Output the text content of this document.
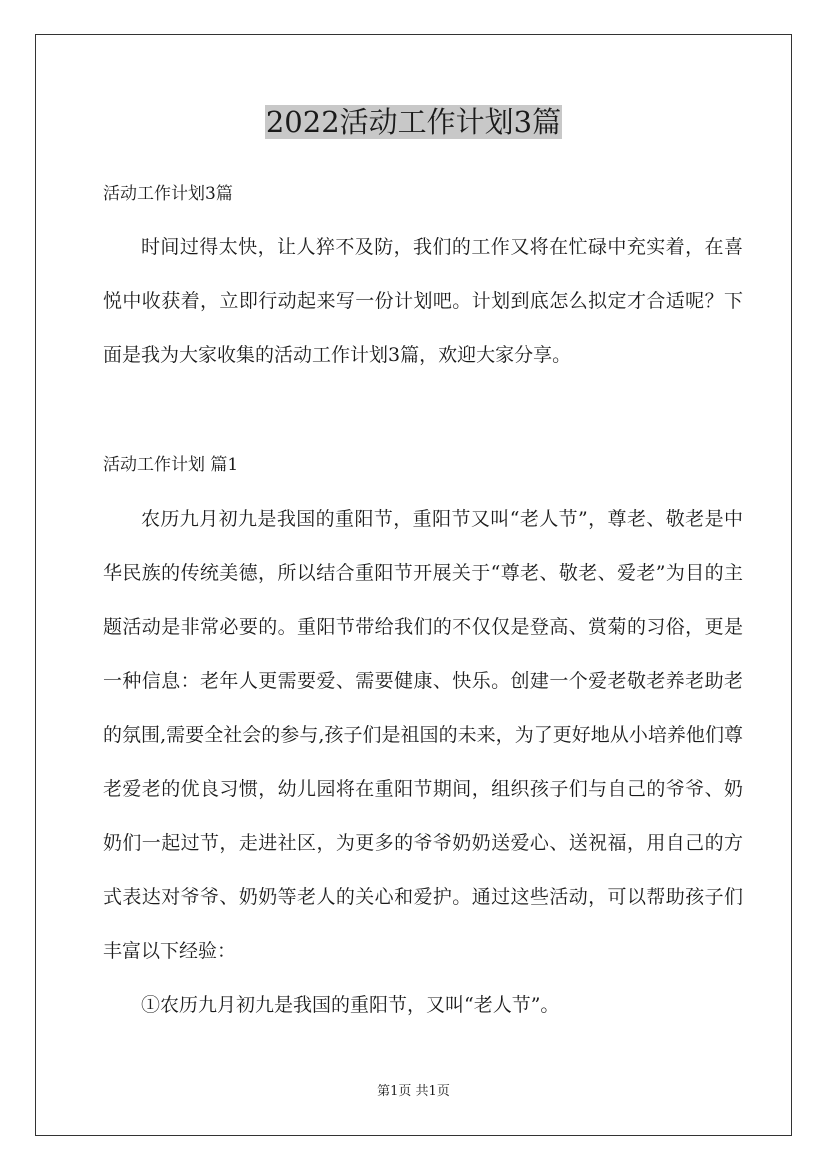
2022活动工作计划3篇
活动工作计划3篇

时间过得太快，让人猝不及防，我们的工作又将在忙碌中充实着，在喜悦中收获着，立即行动起来写一份计划吧。计划到底怎么拟定才合适呢？下面是我为大家收集的活动工作计划3篇，欢迎大家分享。

活动工作计划 篇1

农历九月初九是我国的重阳节，重阳节又叫“老人节”，尊老、敬老是中华民族的传统美德，所以结合重阳节开展关于“尊老、敬老、爱老”为目的主题活动是非常必要的。重阳节带给我们的不仅仅是登高、赏菊的习俗，更是一种信息：老年人更需要爱、需要健康、快乐。创建一个爱老敬老养老助老的氛围,需要全社会的参与,孩子们是祖国的未来，为了更好地从小培养他们尊老爱老的优良习惯，幼儿园将在重阳节期间，组织孩子们与自己的爷爷、奶奶们一起过节，走进社区，为更多的爷爷奶奶送爱心、送祝福，用自己的方式表达对爷爷、奶奶等老人的关心和爱护。通过这些活动，可以帮助孩子们丰富以下经验：

①农历九月初九是我国的重阳节，又叫“老人节”。

第1页 共1页
